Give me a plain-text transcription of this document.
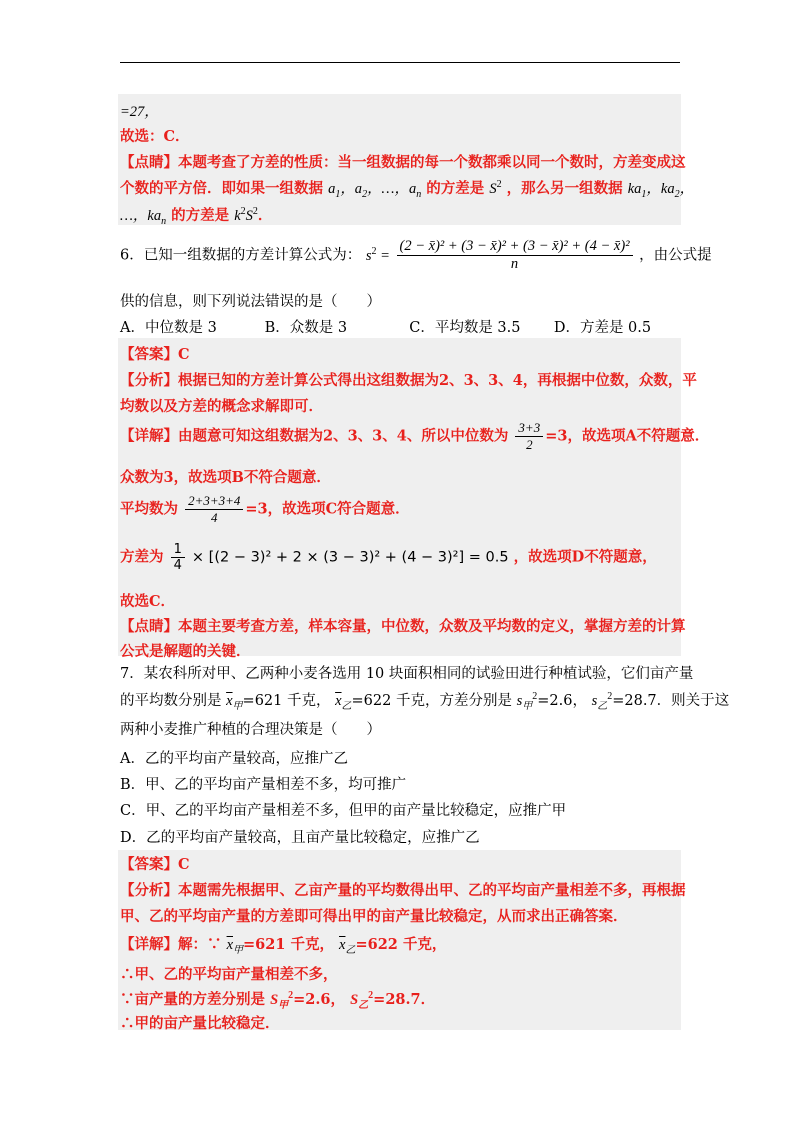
=27，
故选：C．
【点睛】本题考查了方差的性质：当一组数据的每一个数都乘以同一个数时，方差变成这
个数的平方倍．即如果一组数据 $a_1$，$a_2$，…，$a_n$ 的方差是 $S^2$ ，那么另一组数据 $ka_1$，$ka_2$，
…，$ka_n$ 的方差是 $k^2S^2$．
6．已知一组数据的方差计算公式为： $s^2 = \frac{\text{(2 − x̄)² + (3 − x̄)² + (3 − x̄)² + (4 − x̄)²}}{n}$ ，由公式提
供的信息，则下列说法错误的是（　　）
A．中位数是 3	B．众数是 3	C．平均数是 3.5 D．方差是 0.5
【答案】C
【分析】根据已知的方差计算公式得出这组数据为2、3、3、4，再根据中位数，众数，平
均数以及方差的概念求解即可．
【详解】由题意可知这组数据为2、3、3、4、所以中位数为 $\frac{3+3}{2} =3$，故选项A不符题意．
众数为3，故选项B不符合题意．
平均数为 $\frac{2+3+3+4}{4} =3$，故选项C符合题意．
方差为 $\frac{1}{4} \times [(2 - 3)^2 + 2 \times (3 - 3)^2 + (4 - 3)^2] = 0.5$ ，故选项D不符题意，
故选C．
【点睛】本题主要考查方差，样本容量，中位数，众数及平均数的定义，掌握方差的计算
公式是解题的关键．
7．某农科所对甲、乙两种小麦各选用 10 块面积相同的试验田进行种植试验，它们亩产量
的平均数分别是 $\overline{x}_甲=621$ 千克， $\overline{x}_乙=622$ 千克，方差分别是 $s_甲^2=2.6$， $s_乙^2=28.7$．则关于这
两种小麦推广种植的合理决策是（　　）
A．乙的平均亩产量较高，应推广乙
B．甲、乙的平均亩产量相差不多，均可推广
C．甲、乙的平均亩产量相差不多，但甲的亩产量比较稳定，应推广甲
D．乙的平均亩产量较高，且亩产量比较稳定，应推广乙
【答案】C
【分析】本题需先根据甲、乙亩产量的平均数得出甲、乙的平均亩产量相差不多，再根据
甲、乙的平均亩产量的方差即可得出甲的亩产量比较稳定，从而求出正确答案．
【详解】解：∵ $\overline{x}_甲=621$ 千克， $\overline{x}_乙=622$ 千克，
∴甲、乙的平均亩产量相差不多，
∵亩产量的方差分别是 $S_甲^2=2.6$， $S_乙^2=28.7$．
∴甲的亩产量比较稳定．
